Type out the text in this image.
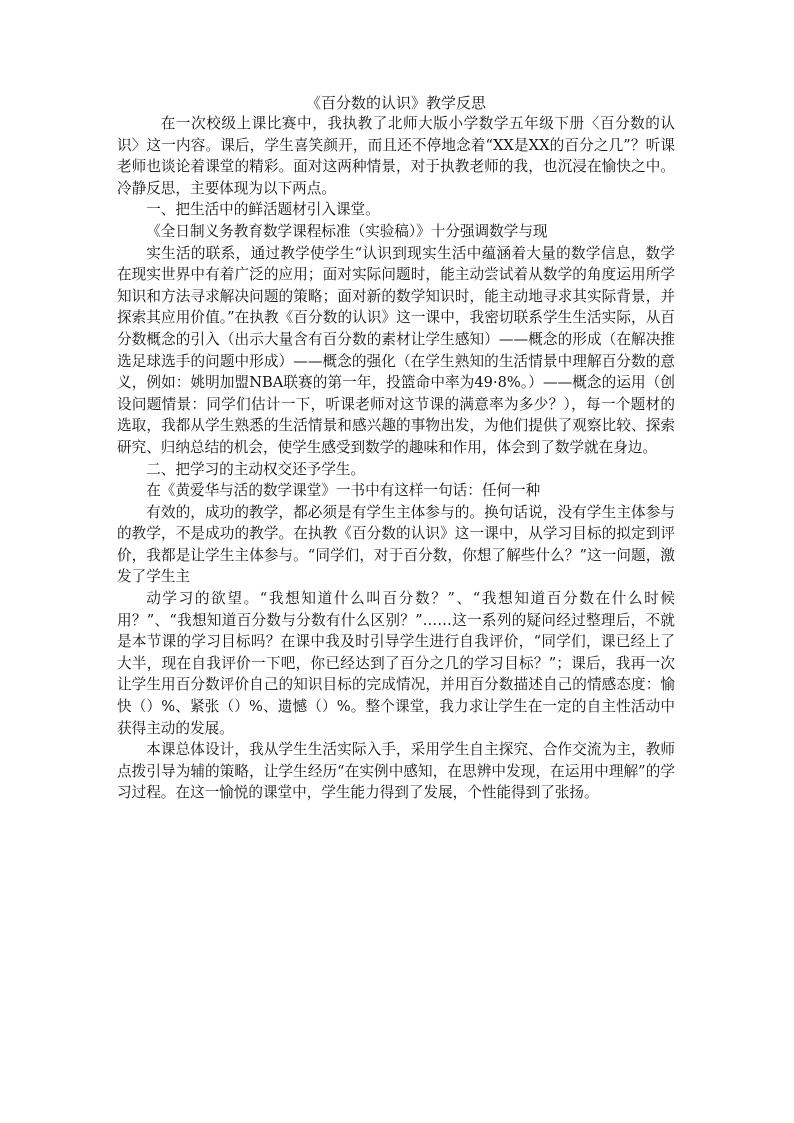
《百分数的认识》教学反思

在一次校级上课比赛中，我执教了北师大版小学数学五年级下册〈百分数的认识〉这一内容。课后，学生喜笑颜开，而且还不停地念着“XX是XX的百分之几”？听课老师也谈论着课堂的精彩。面对这两种情景，对于执教老师的我，也沉浸在愉快之中。冷静反思，主要体现为以下两点。

一、把生活中的鲜活题材引入课堂。

《全日制义务教育数学课程标准（实验稿）》十分强调数学与现

实生活的联系，通过教学使学生“认识到现实生活中蕴涵着大量的数学信息，数学在现实世界中有着广泛的应用；面对实际问题时，能主动尝试着从数学的角度运用所学知识和方法寻求解决问题的策略；面对新的数学知识时，能主动地寻求其实际背景，并探索其应用价值。”在执教《百分数的认识》这一课中，我密切联系学生生活实际，从百分数概念的引入（出示大量含有百分数的素材让学生感知）——概念的形成（在解决推选足球选手的问题中形成）——概念的强化（在学生熟知的生活情景中理解百分数的意义，例如：姚明加盟NBA联赛的第一年，投篮命中率为49·8%。）——概念的运用（创设问题情景：同学们估计一下，听课老师对这节课的满意率为多少？），每一个题材的选取，我都从学生熟悉的生活情景和感兴趣的事物出发，为他们提供了观察比较、探索研究、归纳总结的机会，使学生感受到数学的趣味和作用，体会到了数学就在身边。

二、把学习的主动权交还予学生。

在《黄爱华与活的数学课堂》一书中有这样一句话：任何一种

有效的，成功的教学，都必须是有学生主体参与的。换句话说，没有学生主体参与的教学，不是成功的教学。在执教《百分数的认识》这一课中，从学习目标的拟定到评价，我都是让学生主体参与。“同学们，对于百分数，你想了解些什么？”这一问题，激发了学生主

动学习的欲望。“我想知道什么叫百分数？”、“我想知道百分数在什么时候用？”、“我想知道百分数与分数有什么区别？”……这一系列的疑问经过整理后，不就是本节课的学习目标吗？在课中我及时引导学生进行自我评价，“同学们，课已经上了大半，现在自我评价一下吧，你已经达到了百分之几的学习目标？”；课后，我再一次让学生用百分数评价自己的知识目标的完成情况，并用百分数描述自己的情感态度：愉快（）%、紧张（）%、遗憾（）%。整个课堂，我力求让学生在一定的自主性活动中获得主动的发展。

本课总体设计，我从学生生活实际入手，采用学生自主探究、合作交流为主，教师点拨引导为辅的策略，让学生经历“在实例中感知，在思辨中发现，在运用中理解”的学习过程。在这一愉悦的课堂中，学生能力得到了发展，个性能得到了张扬。
